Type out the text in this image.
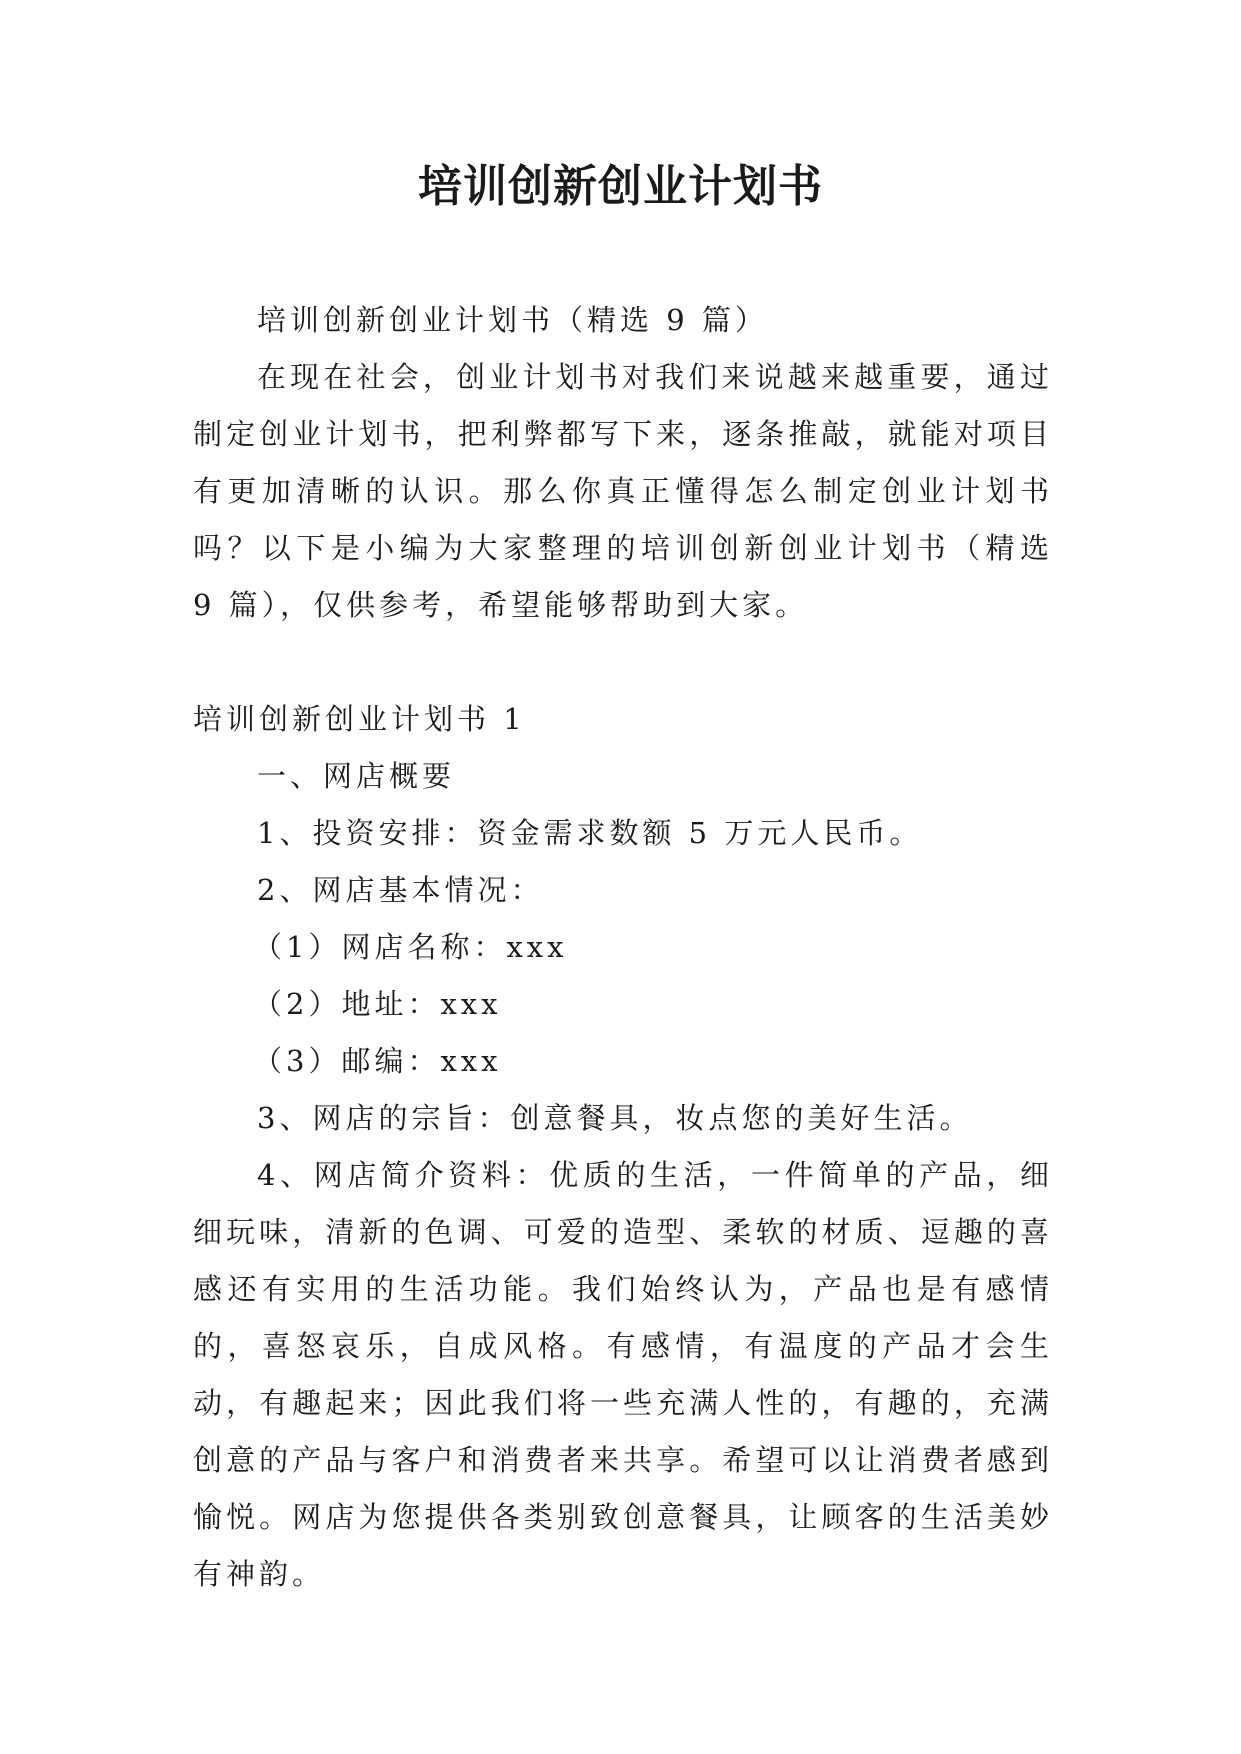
培训创新创业计划书

培训创新创业计划书（精选 9 篇）

在现在社会，创业计划书对我们来说越来越重要，通过制定创业计划书，把利弊都写下来，逐条推敲，就能对项目有更加清晰的认识。那么你真正懂得怎么制定创业计划书吗？以下是小编为大家整理的培训创新创业计划书（精选 9 篇），仅供参考，希望能够帮助到大家。

培训创新创业计划书 1

一、网店概要

1、投资安排：资金需求数额 5 万元人民币。

2、网店基本情况：

（1）网店名称：xxx

（2）地址：xxx

（3）邮编：xxx

3、网店的宗旨：创意餐具，妆点您的美好生活。

4、网店简介资料：优质的生活，一件简单的产品，细细玩味，清新的色调、可爱的造型、柔软的材质、逗趣的喜感还有实用的生活功能。我们始终认为，产品也是有感情的，喜怒哀乐，自成风格。有感情，有温度的产品才会生动，有趣起来；因此我们将一些充满人性的，有趣的，充满创意的产品与客户和消费者来共享。希望可以让消费者感到愉悦。网店为您提供各类别致创意餐具，让顾客的生活美妙有神韵。
